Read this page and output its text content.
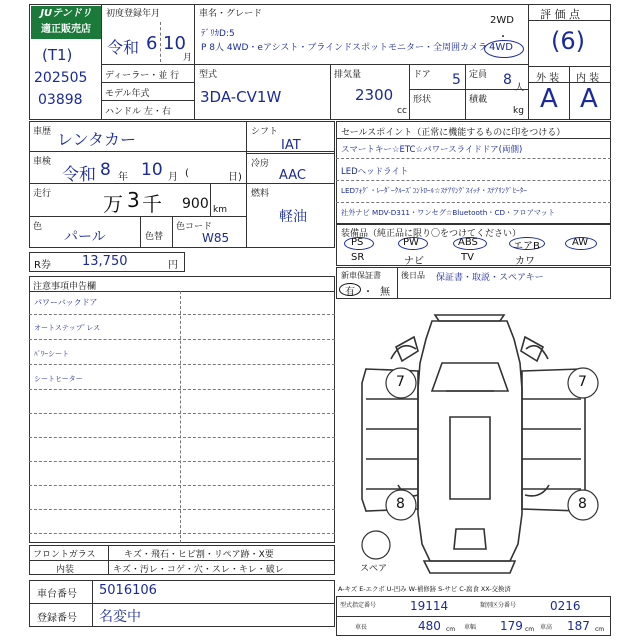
JUテンドリ
適正販売店
(T1)
202505
03898
初度登録年月
令和 6 10
月
車名・グレード
ﾃﾞﾘｶD:5
P 8人 4WD・eアシスト・ブラインドスポットモニター・全周囲カメラ
2WD
・
4WD
評 価 点
(6)
外 装 内 装
A A
ディーラー・並 行
モデル年式
ハンドル 左・右
型式
3DA-CV1W
排気量
2300
cc
ドア 5 定員 8 人
形状	積載
kg
車歴 レンタカー
車検
令和 8 年 10 月 (	日)
走行	万 3 千 900 km
色
パール	色替
色コード
W85
シフト
IAT
冷房
AAC
燃料
軽油
R券 13,750	円
セールスポイント（正常に機能するものに印をつける）
スマートキー☆ETC☆パワースライドドア(両側)
LEDヘッドライト
LEDﾌｫｸﾞ・ﾚｰﾀﾞｰｸﾙｰｽﾞｺﾝﾄﾛｰﾙ☆ｽﾃｱﾘﾝｸﾞｽｲｯﾁ・ｽﾃｱﾘﾝｸﾞﾋｰﾀｰ
社外ナビ MDV-D311・ワンセグ☆Bluetooth・CD・フロアマット
装備品（純正品に限り〇をつけてください）
PS	PW	ABS	エアB	AW
SR	ナビ	TV	カワ
新車保証書
有 ・ 無
後日品 保証書・取説・スペアキー
注意事項申告欄
パワーバックドア
オートステップﾞレス
ﾊﾟﾜｰシート
シートヒーター	7	7
8	8
スペア
フロントガラス	キズ・飛石・ヒビ割・リペア跡・X要
内装	キズ・汚レ・コゲ・穴・スレ・キレ・破レ
A-キズ E-エクボ U-凹み W-補修跡 S-サビ C-腐食 XX-交換済
車台番号 5016106
登録番号 名変中
型式指定番号	19114	類別区分番号	0216
車長	480 cm 車幅 179 cm 車高 187 cm
